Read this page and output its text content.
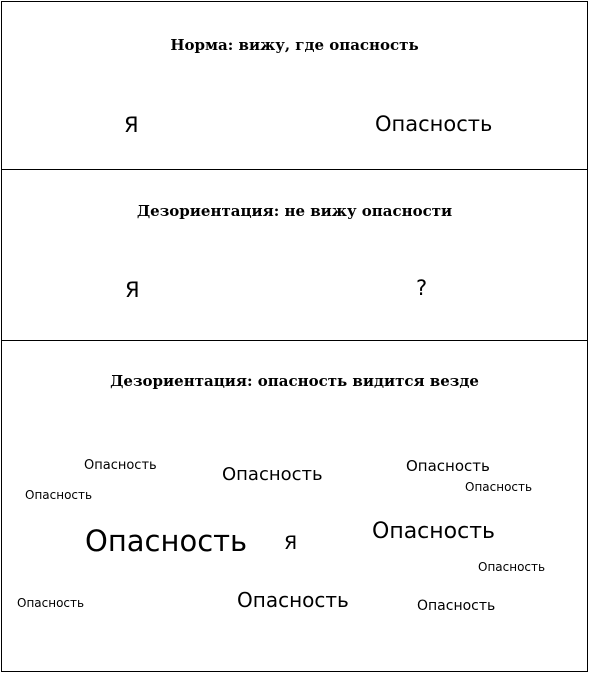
Норма: вижу, где опасность
Я	Опасность
Дезориентация: не вижу опасности
Я	?
Дезориентация: опасность видится везде
Опасность	Опасность	Опасность
Опасность
Опасность
Опасность	Опасность
Я
Опасность
Опасность	Опасность	Опасность
